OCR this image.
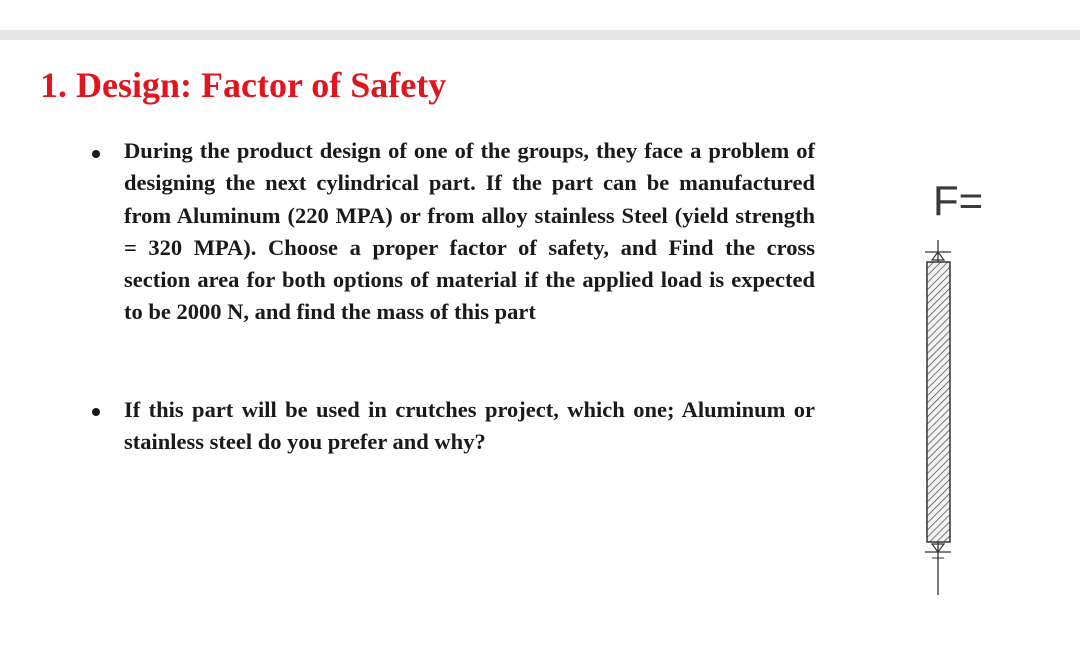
1. Design: Factor of Safety
During the product design of one of the groups, they face a problem of designing the next cylindrical part. If the part can be manufactured from Aluminum (220 MPA) or from alloy stainless Steel (yield strength = 320 MPA). Choose a proper factor of safety, and Find the cross section area for both options of material if the applied load is expected to be 2000 N, and find the mass of this part
If this part will be used in crutches project, which one; Aluminum or stainless steel do you prefer and why?
F=
